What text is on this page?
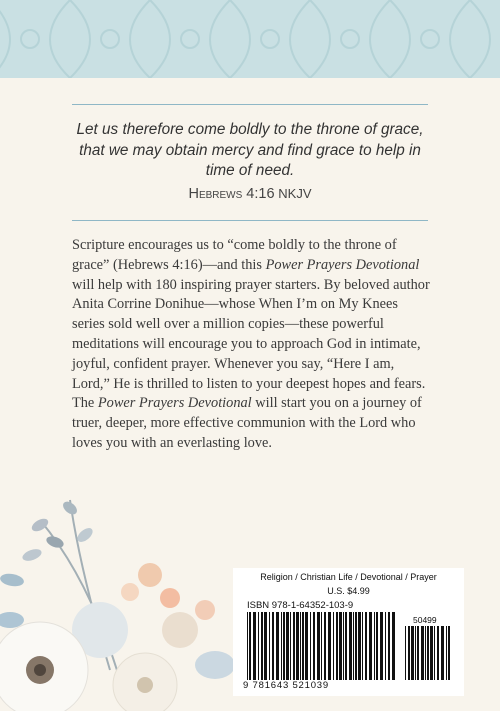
Let us therefore come boldly to the throne of grace, that we may obtain mercy and find grace to help in time of need.
Hebrews 4:16 NKJV
Scripture encourages us to “come boldly to the throne of grace” (Hebrews 4:16)—and this Power Prayers Devotional will help with 180 inspiring prayer starters. By beloved author Anita Corrine Donihue—whose When I’m on My Knees series sold well over a million copies—these powerful meditations will encourage you to approach God in intimate, joyful, confident prayer. Whenever you say, “Here I am, Lord,” He is thrilled to listen to your deepest hopes and fears. The Power Prayers Devotional will start you on a journey of truer, deeper, more effective communion with the Lord who loves you with an everlasting love.
Religion / Christian Life / Devotional / Prayer
U.S. $4.99
ISBN 978-1-64352-103-9
50499
9 781643 521039
